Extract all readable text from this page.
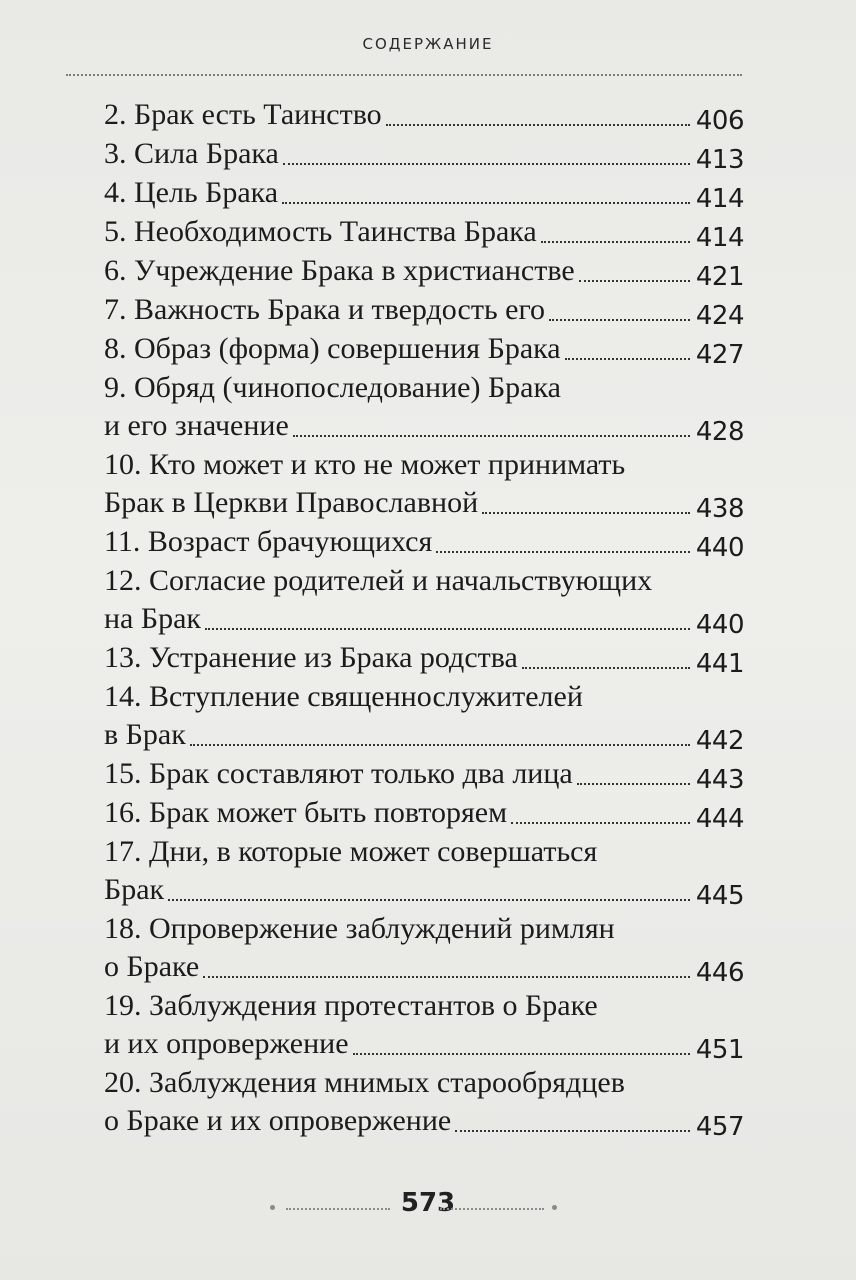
содержание
2. Брак есть Таинство	406
3. Сила Брака	413
4. Цель Брака	414
5. Необходимость Таинства Брака	414
6. Учреждение Брака в христианстве	421
7. Важность Брака и твердость его	424
8. Образ (форма) совершения Брака	427
9. Обряд (чинопоследование) Брака
и его значение	428
10. Кто может и кто не может принимать
Брак в Церкви Православной	438
11. Возраст брачующихся	440
12. Согласие родителей и начальствующих
на Брак	440
13. Устранение из Брака родства	441
14. Вступление священнослужителей
в Брак	442
15. Брак составляют только два лица	443
16. Брак может быть повторяем	444
17. Дни, в которые может совершаться
Брак	445
18. Опровержение заблуждений римлян
о Браке	446
19. Заблуждения протестантов о Браке
и их опровержение	451
20. Заблуждения мнимых старообрядцев
о Браке и их опровержение	457
573
